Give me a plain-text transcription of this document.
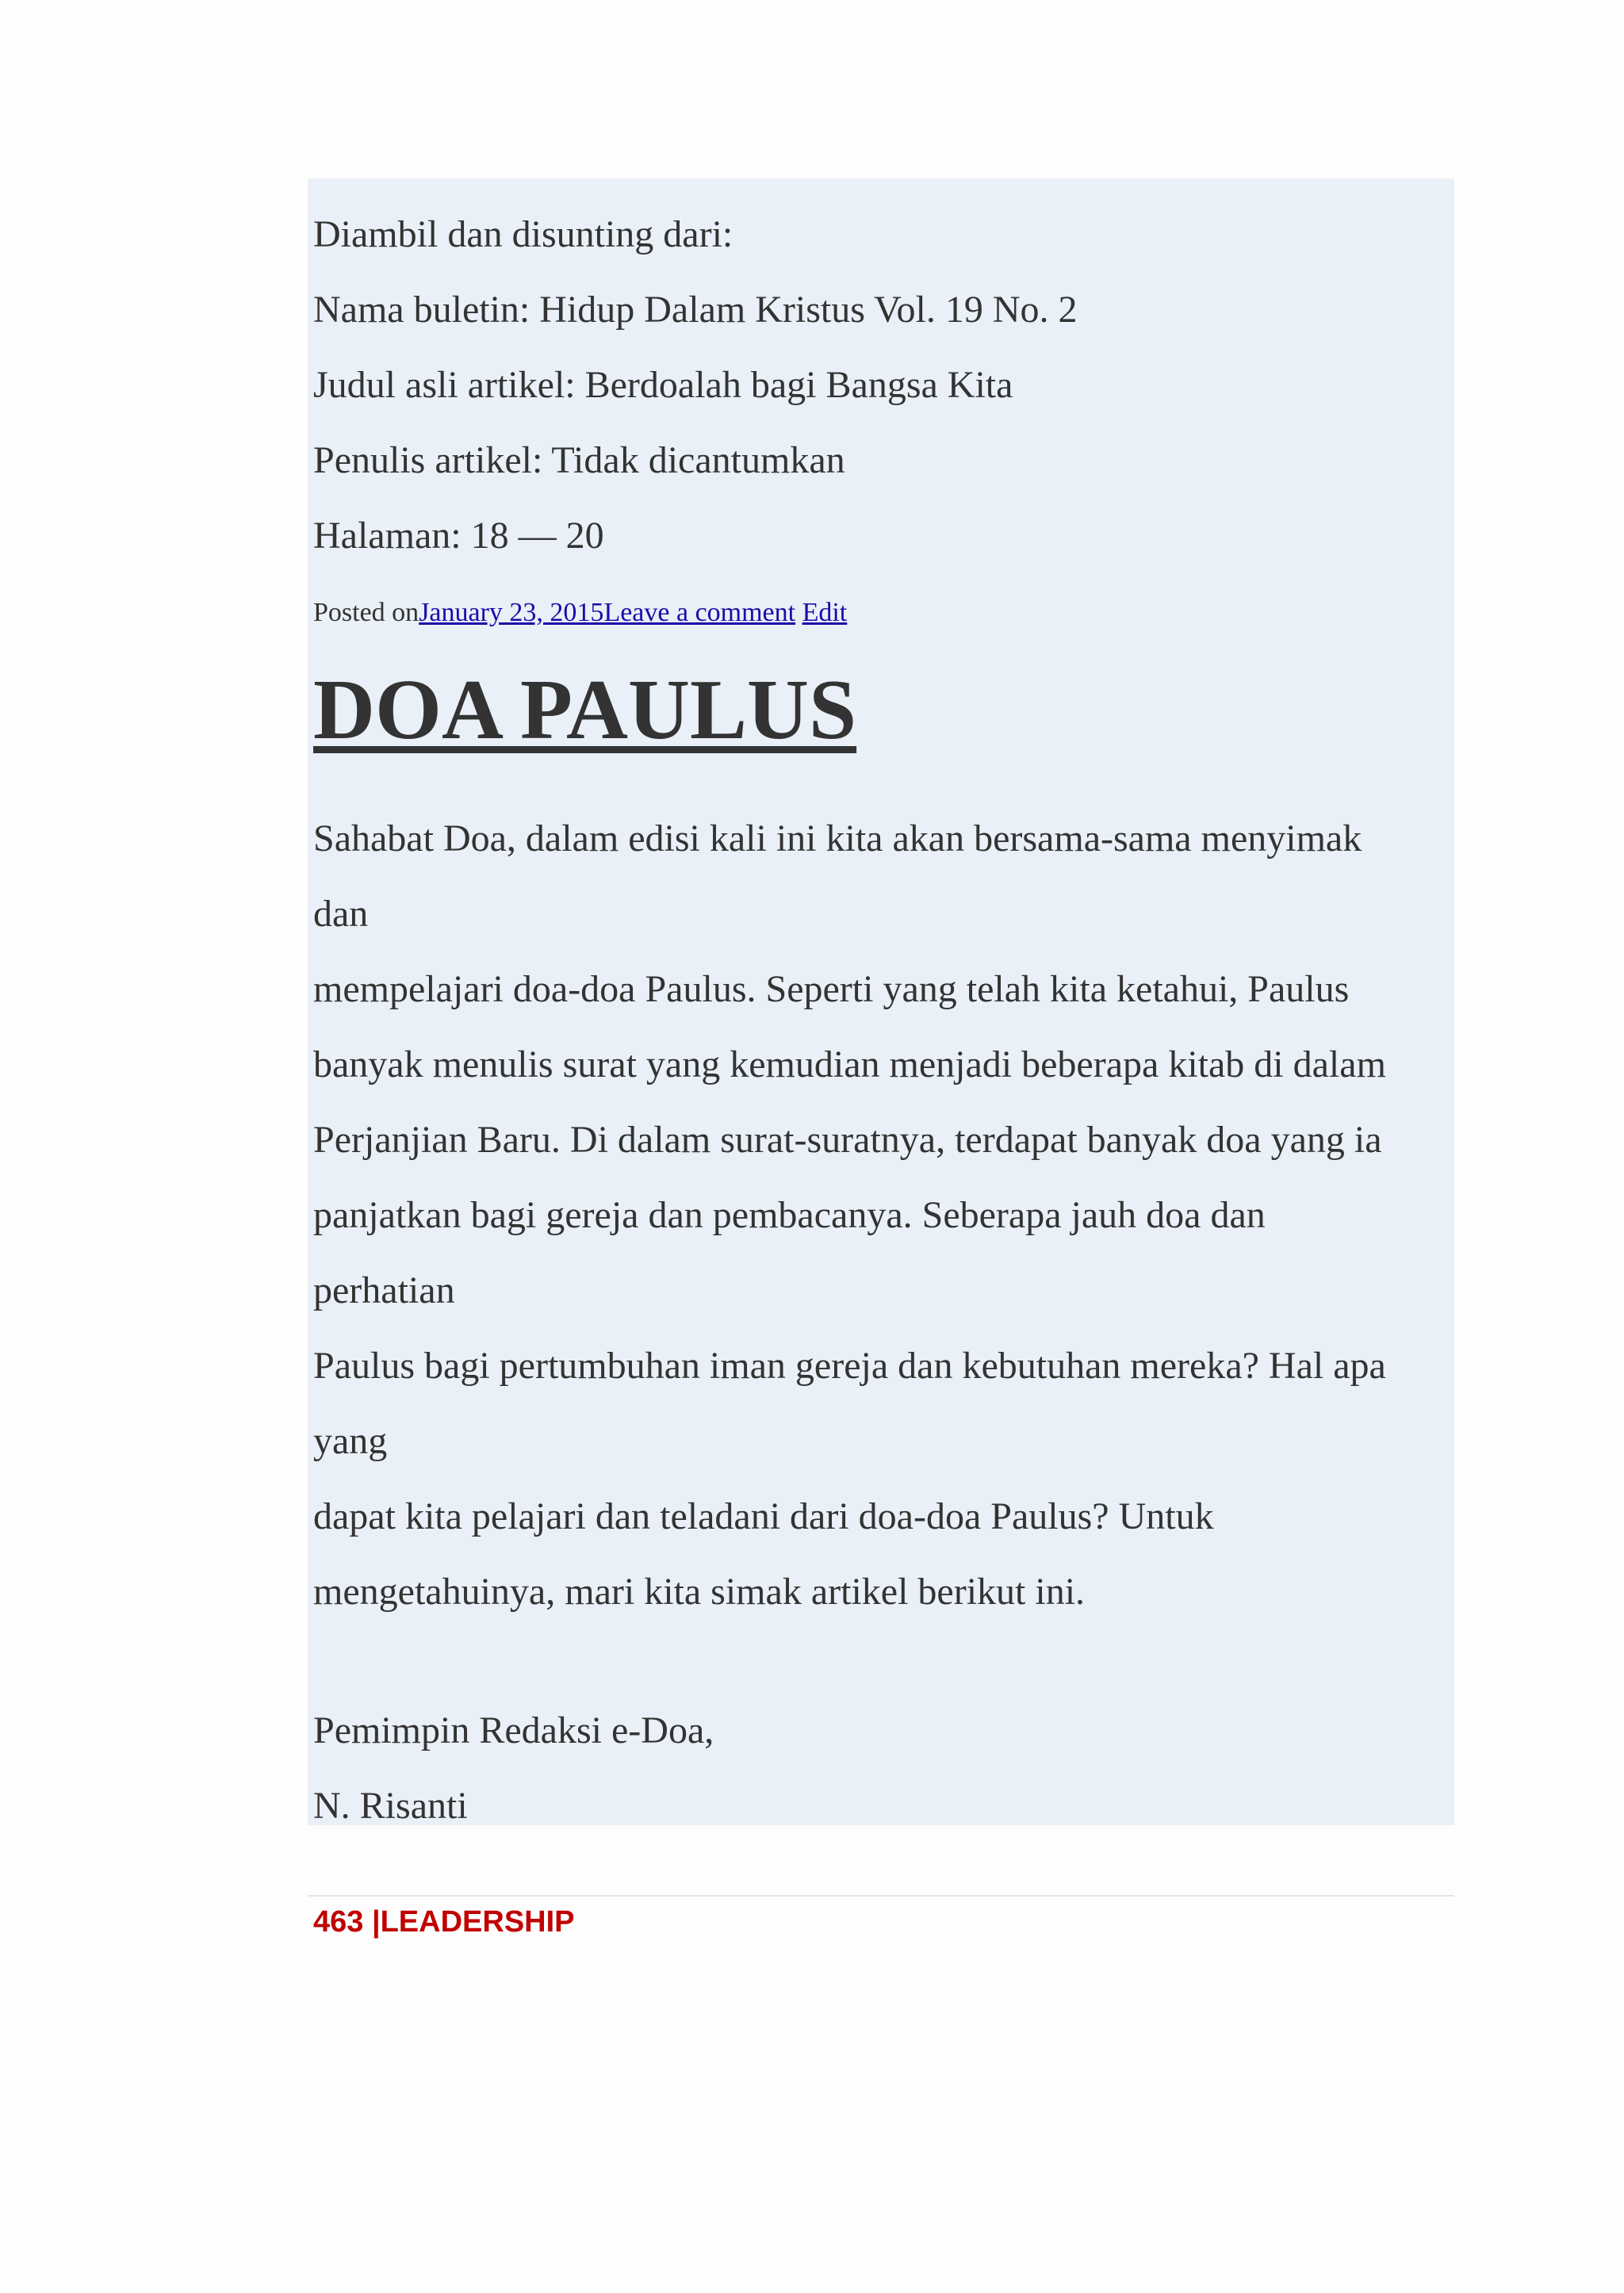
Diambil dan disunting dari:
Nama buletin: Hidup Dalam Kristus Vol. 19 No. 2
Judul asli artikel: Berdoalah bagi Bangsa Kita
Penulis artikel: Tidak dicantumkan
Halaman: 18 — 20
Posted onJanuary 23, 2015Leave a comment Edit
DOA PAULUS
Sahabat Doa, dalam edisi kali ini kita akan bersama-sama menyimak
dan
mempelajari doa-doa Paulus. Seperti yang telah kita ketahui, Paulus
banyak menulis surat yang kemudian menjadi beberapa kitab di dalam
Perjanjian Baru. Di dalam surat-suratnya, terdapat banyak doa yang ia
panjatkan bagi gereja dan pembacanya. Seberapa jauh doa dan
perhatian
Paulus bagi pertumbuhan iman gereja dan kebutuhan mereka? Hal apa
yang
dapat kita pelajari dan teladani dari doa-doa Paulus? Untuk
mengetahuinya, mari kita simak artikel berikut ini.
Pemimpin Redaksi e-Doa,
N. Risanti
463 |LEADERSHIP
